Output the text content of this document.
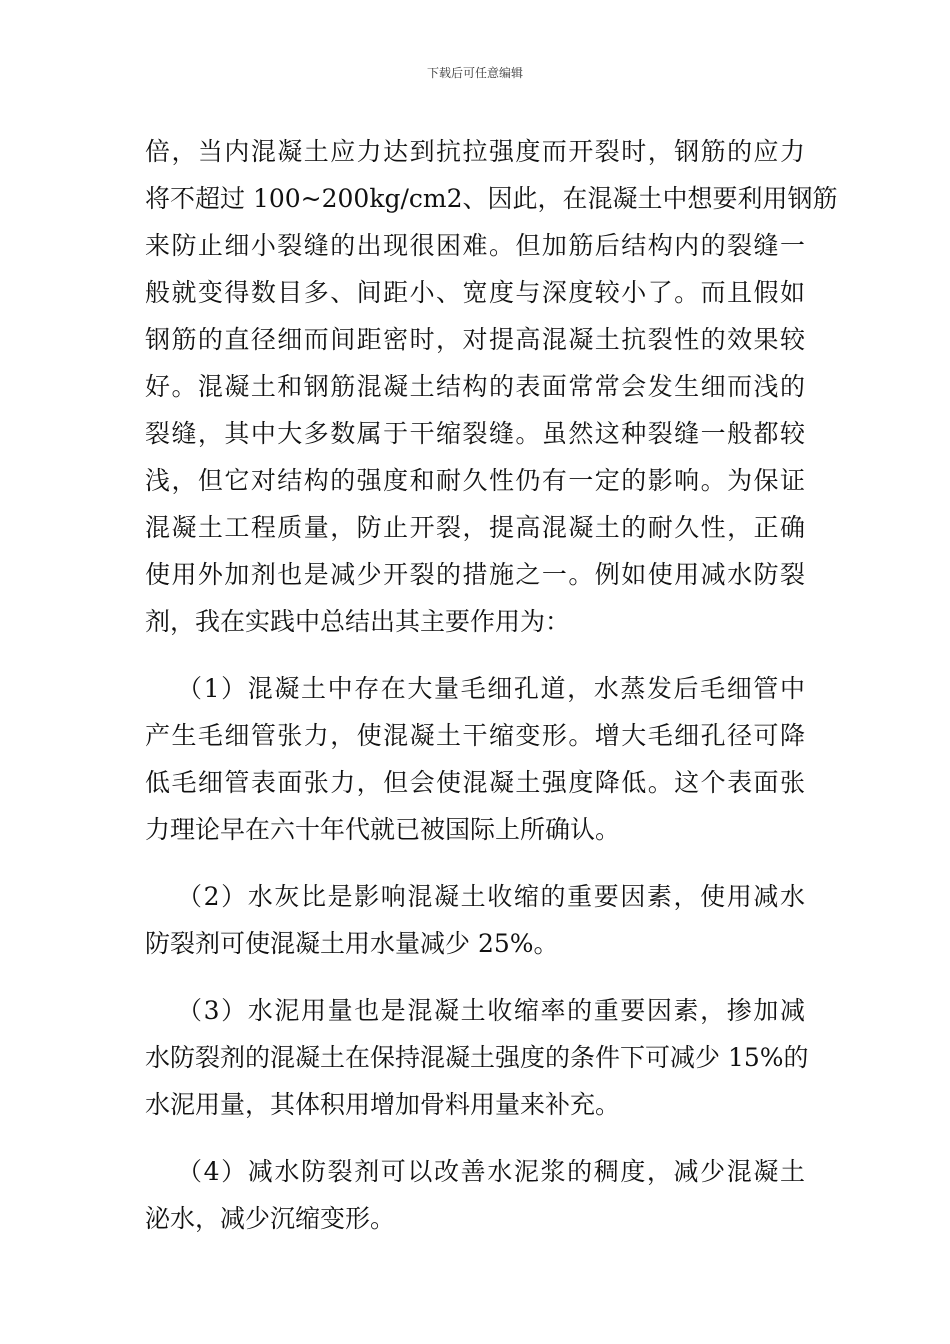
下载后可任意编辑
倍，当内混凝土应力达到抗拉强度而开裂时，钢筋的应力
将不超过 100~200kg/cm2、因此，在混凝土中想要利用钢筋
来防止细小裂缝的出现很困难。但加筋后结构内的裂缝一
般就变得数目多、间距小、宽度与深度较小了。而且假如
钢筋的直径细而间距密时，对提高混凝土抗裂性的效果较
好。混凝土和钢筋混凝土结构的表面常常会发生细而浅的
裂缝，其中大多数属于干缩裂缝。虽然这种裂缝一般都较
浅，但它对结构的强度和耐久性仍有一定的影响。为保证
混凝土工程质量，防止开裂，提高混凝土的耐久性，正确
使用外加剂也是减少开裂的措施之一。例如使用减水防裂
剂，我在实践中总结出其主要作用为：
（1）混凝土中存在大量毛细孔道，水蒸发后毛细管中
产生毛细管张力，使混凝土干缩变形。增大毛细孔径可降
低毛细管表面张力，但会使混凝土强度降低。这个表面张
力理论早在六十年代就已被国际上所确认。
（2）水灰比是影响混凝土收缩的重要因素，使用减水
防裂剂可使混凝土用水量减少 25%。
（3）水泥用量也是混凝土收缩率的重要因素，掺加减
水防裂剂的混凝土在保持混凝土强度的条件下可减少 15%的
水泥用量，其体积用增加骨料用量来补充。
（4）减水防裂剂可以改善水泥浆的稠度，减少混凝土
泌水，减少沉缩变形。
